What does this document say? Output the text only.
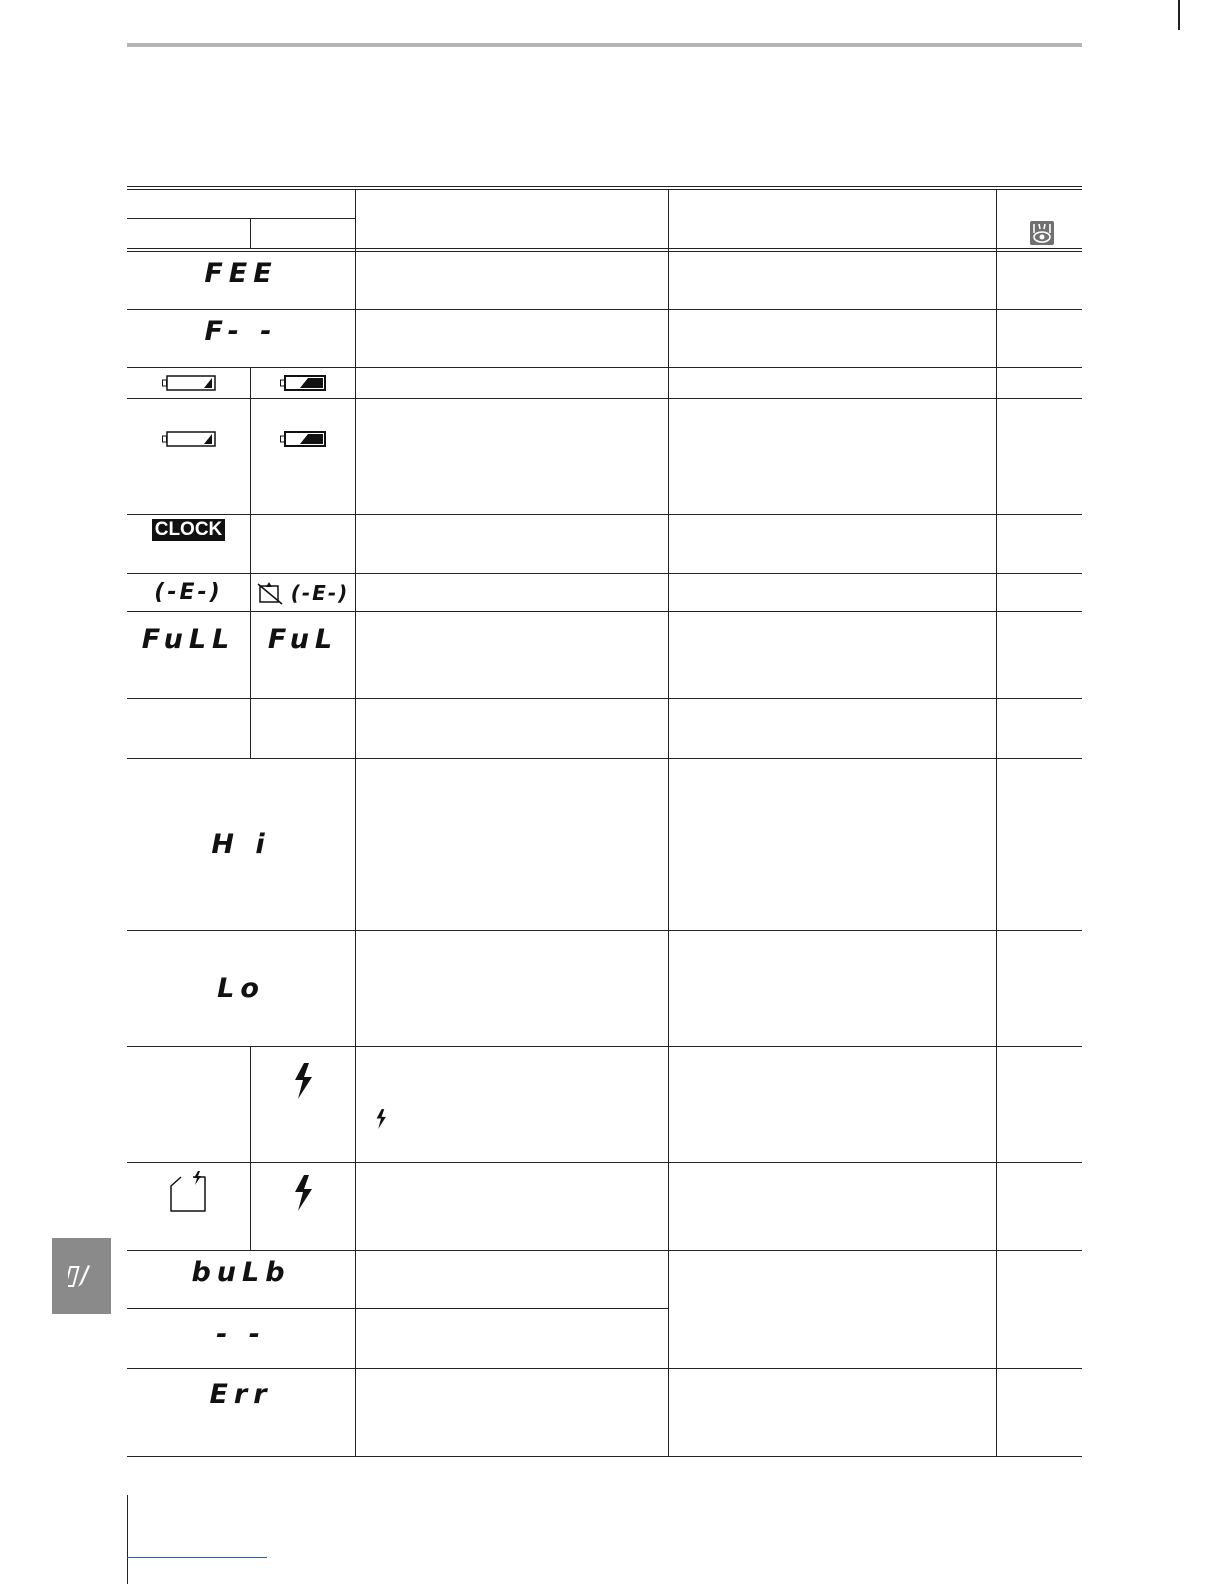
FEE
F- -
CLOCK
(-E-)	(-E-)
FuLL	FuL
H i
Lo
buLb
- -
Err
